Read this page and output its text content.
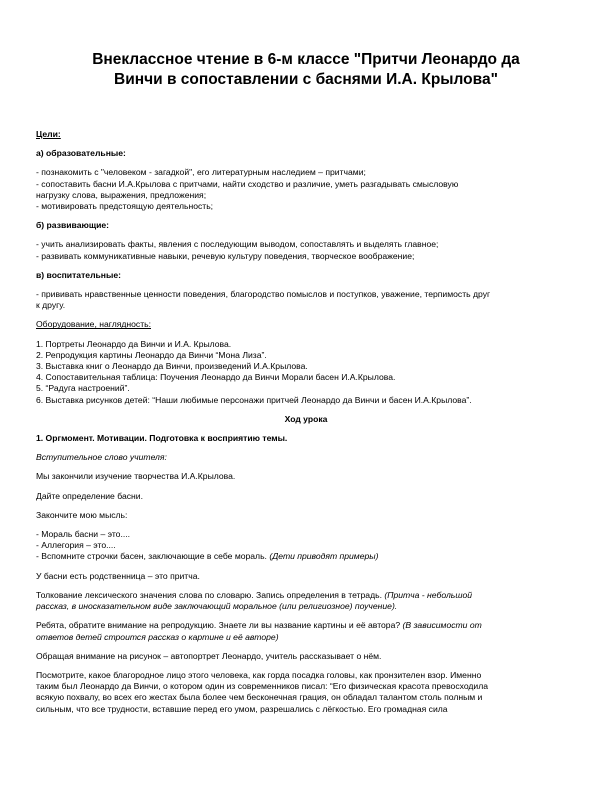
Внеклассное чтение в 6-м классе "Притчи Леонардо да
Винчи в сопоставлении с баснями И.А. Крылова"

Цели:

а) образовательные:

- познакомить с "человеком - загадкой", его литературным наследием – притчами;

- сопоставить басни И.А.Крылова с притчами, найти сходство и различие, уметь разгадывать смысловую

нагрузку слова, выражения, предложения;

- мотивировать предстоящую деятельность;

б) развивающие:

- учить анализировать факты, явления с последующим выводом, сопоставлять и выделять главное;

- развивать коммуникативные навыки, речевую культуру поведения, творческое воображение;

в) воспитательные:

- прививать нравственные ценности поведения, благородство помыслов и поступков, уважение, терпимость друг

к другу.

Оборудование, наглядность:

1. Портреты Леонардо да Винчи и И.А. Крылова.

2. Репродукция картины Леонардо да Винчи “Мона Лиза”.

3. Выставка книг о Леонардо да Винчи, произведений И.А.Крылова.

4. Сопоставительная таблица: Поучения Леонардо да Винчи Морали басен И.А.Крылова.

5. “Радуга настроений”.

6. Выставка рисунков детей: “Наши любимые персонажи притчей Леонардо да Винчи и басен И.А.Крылова”.

Ход урока

1. Оргмомент. Мотивации. Подготовка к восприятию темы.

Вступительное слово учителя:

Мы закончили изучение творчества И.А.Крылова.

Дайте определение басни.

Закончите мою мысль:

- Мораль басни – это....

- Аллегория – это....

- Вспомните строчки басен, заключающие в себе мораль. (Дети приводят примеры)

У басни есть родственница – это притча.

Толкование лексического значения слова по словарю. Запись определения в тетрадь. (Притча - небольшой

рассказ, в иносказательном виде заключающий моральное (или религиозное) поучение).

Ребята, обратите внимание на репродукцию. Знаете ли вы название картины и её автора? (В зависимости от

ответов детей строится рассказ о картине и её авторе)

Обращая внимание на рисунок – автопортрет Леонардо, учитель рассказывает о нём.

Посмотрите, какое благородное лицо этого человека, как горда посадка головы, как пронзителен взор. Именно

таким был Леонардо да Винчи, о котором один из современников писал: “Его физическая красота превосходила

всякую похвалу, во всех его жестах была более чем бесконечная грация, он обладал талантом столь полным и

сильным, что все трудности, вставшие перед его умом, разрешались с лёгкостью. Его громадная сила
